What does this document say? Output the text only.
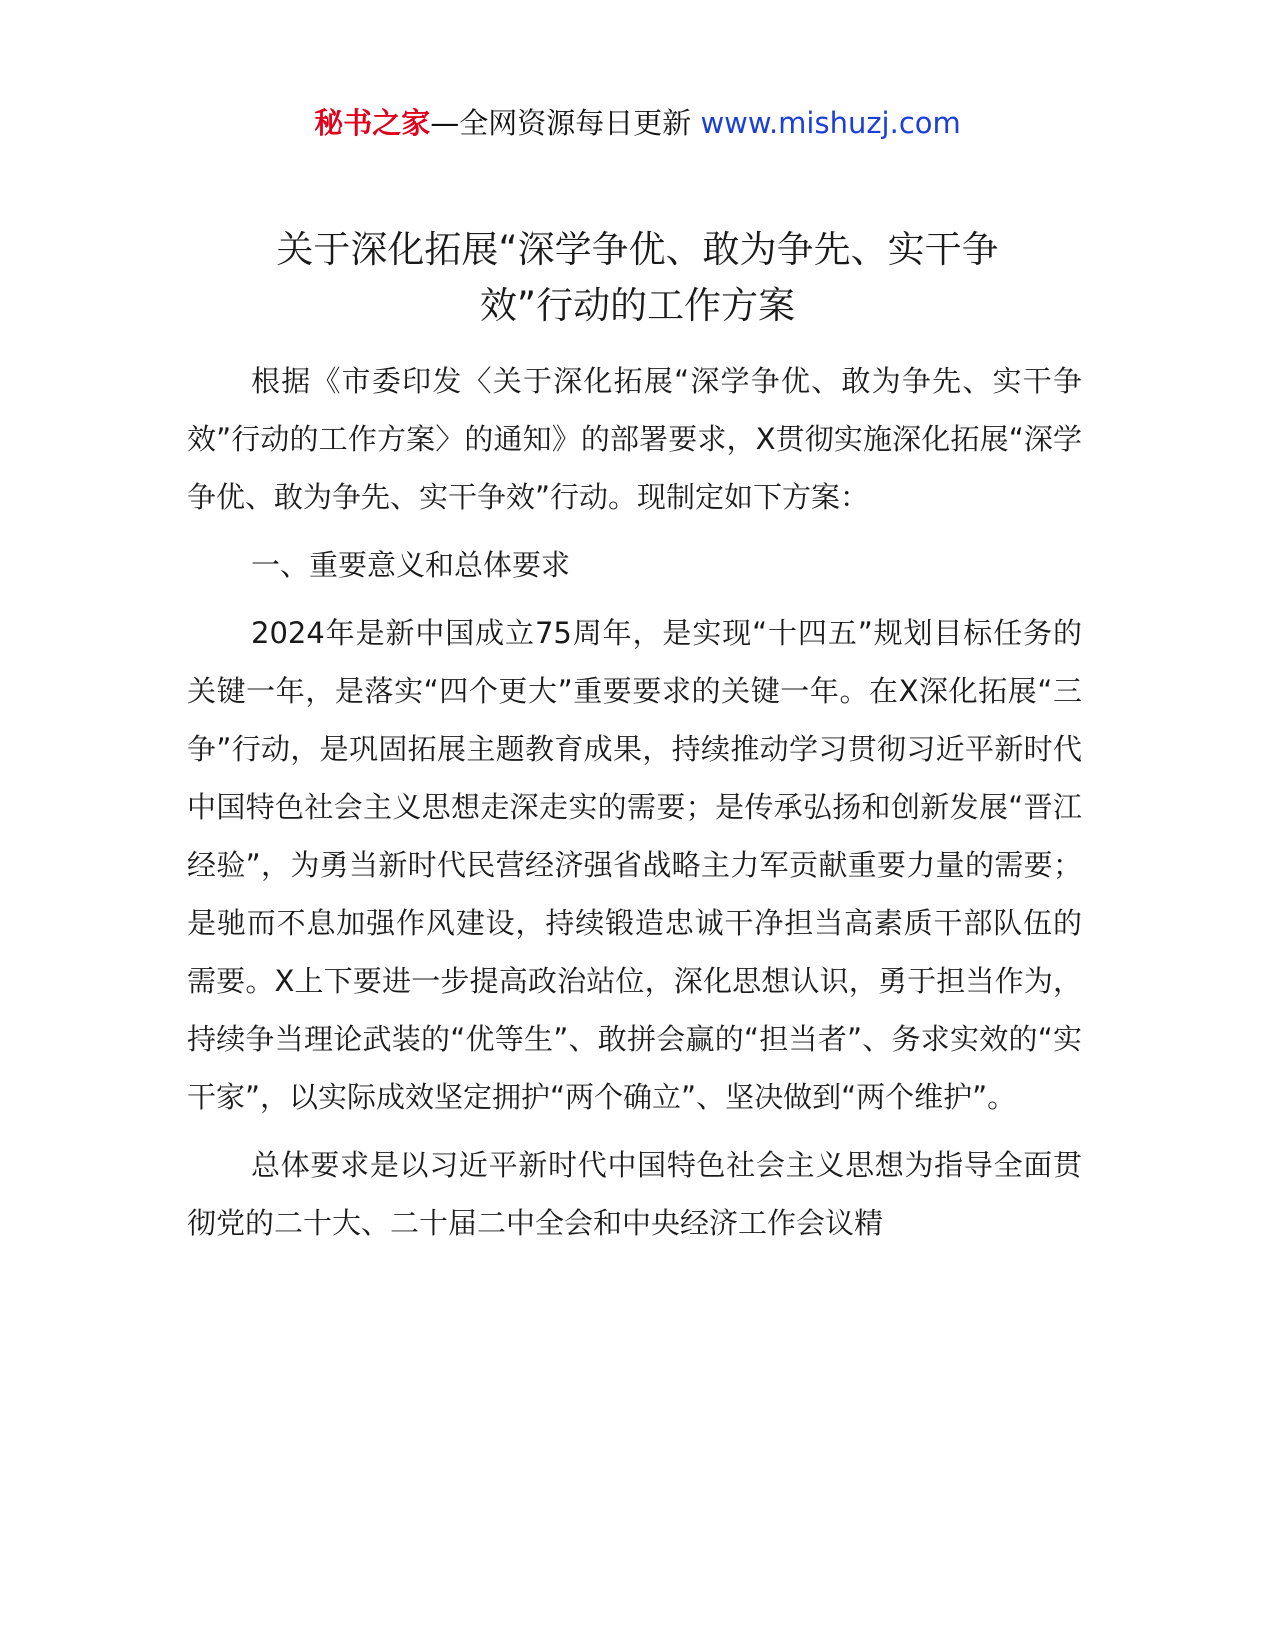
秘书之家—全网资源每日更新 www.mishuzj.com
关于深化拓展“深学争优、敢为争先、实干争
效”行动的工作方案

根据《市委印发〈关于深化拓展“深学争优、敢为争先、实干争效”行动的工作方案〉的通知》的部署要求，X贯彻实施深化拓展“深学争优、敢为争先、实干争效”行动。现制定如下方案：

一、重要意义和总体要求

2024年是新中国成立75周年，是实现“十四五”规划目标任务的关键一年，是落实“四个更大”重要要求的关键一年。在X深化拓展“三争”行动，是巩固拓展主题教育成果，持续推动学习贯彻习近平新时代中国特色社会主义思想走深走实的需要；是传承弘扬和创新发展“晋江经验”，为勇当新时代民营经济强省战略主力军贡献重要力量的需要；是驰而不息加强作风建设，持续锻造忠诚干净担当高素质干部队伍的需要。X上下要进一步提高政治站位，深化思想认识，勇于担当作为，持续争当理论武装的“优等生”、敢拼会赢的“担当者”、务求实效的“实干家”，以实际成效坚定拥护“两个确立”、坚决做到“两个维护”。

总体要求是以习近平新时代中国特色社会主义思想为指导全面贯彻党的二十大、二十届二中全会和中央经济工作会议精
